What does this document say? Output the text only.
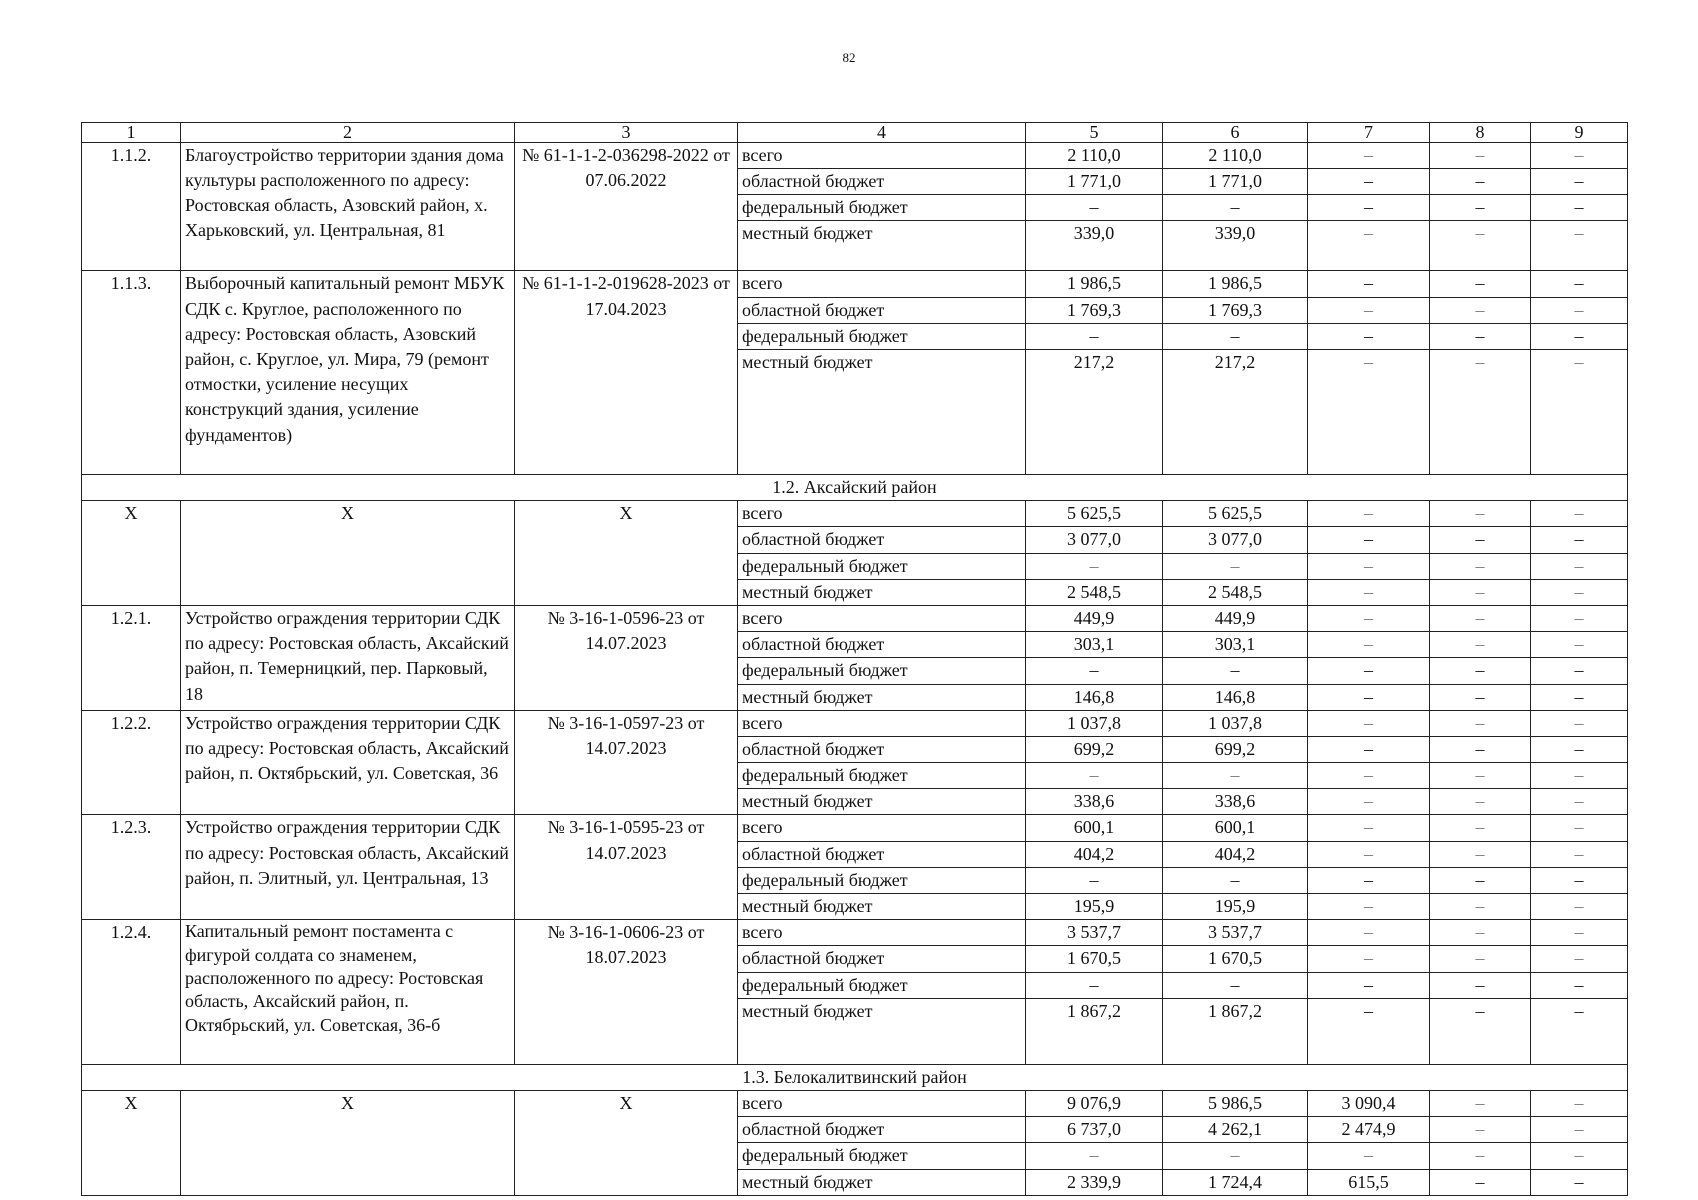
82
1	2	3	4	5	6	7	8	9
1.1.2.	Благоустройство территории здания дома культуры расположенного по адресу: Ростовская область, Азовский район, х. Харьковский, ул. Центральная, 81	№ 61-1-1-2-036298-2022 от 07.06.2022	всего	2 110,0	2 110,0	–	–	–
			областной бюджет	1 771,0	1 771,0	–	–	–
			федеральный бюджет	–	–	–	–	–
			местный бюджет	339,0	339,0	–	–	–
1.1.3.	Выборочный капитальный ремонт МБУК СДК с. Круглое, расположенного по адресу: Ростовская область, Азовский район, с. Круглое, ул. Мира, 79 (ремонт отмостки, усиление несущих конструкций здания, усиление фундаментов)	№ 61-1-1-2-019628-2023 от 17.04.2023	всего	1 986,5	1 986,5	–	–	–
			областной бюджет	1 769,3	1 769,3	–	–	–
			федеральный бюджет	–	–	–	–	–
			местный бюджет	217,2	217,2	–	–	–
1.2. Аксайский район								
Х	Х	Х	всего	5 625,5	5 625,5	–	–	–
			областной бюджет	3 077,0	3 077,0	–	–	–
			федеральный бюджет	–	–	–	–	–
			местный бюджет	2 548,5	2 548,5	–	–	–
1.2.1.	Устройство ограждения территории СДК по адресу: Ростовская область, Аксайский район, п. Темерницкий, пер. Парковый, 18	№ 3-16-1-0596-23 от 14.07.2023	всего	449,9	449,9	–	–	–
			областной бюджет	303,1	303,1	–	–	–
			федеральный бюджет	–	–	–	–	–
			местный бюджет	146,8	146,8	–	–	–
1.2.2.	Устройство ограждения территории СДК по адресу: Ростовская область, Аксайский район, п. Октябрьский, ул. Советская, 36	№ 3-16-1-0597-23 от 14.07.2023	всего	1 037,8	1 037,8	–	–	–
			областной бюджет	699,2	699,2	–	–	–
			федеральный бюджет	–	–	–	–	–
			местный бюджет	338,6	338,6	–	–	–
1.2.3.	Устройство ограждения территории СДК по адресу: Ростовская область, Аксайский район, п. Элитный, ул. Центральная, 13	№ 3-16-1-0595-23 от 14.07.2023	всего	600,1	600,1	–	–	–
			областной бюджет	404,2	404,2	–	–	–
			федеральный бюджет	–	–	–	–	–
			местный бюджет	195,9	195,9	–	–	–
1.2.4.	Капитальный ремонт постамента с фигурой солдата со знаменем, расположенного по адресу: Ростовская область, Аксайский район, п. Октябрьский, ул. Советская, 36-б	№ 3-16-1-0606-23 от 18.07.2023	всего	3 537,7	3 537,7	–	–	–
			областной бюджет	1 670,5	1 670,5	–	–	–
			федеральный бюджет	–	–	–	–	–
			местный бюджет	1 867,2	1 867,2	–	–	–
1.3. Белокалитвинский район								
Х	Х	Х	всего	9 076,9	5 986,5	3 090,4	–	–
			областной бюджет	6 737,0	4 262,1	2 474,9	–	–
			федеральный бюджет	–	–	–	–	–
			местный бюджет	2 339,9	1 724,4	615,5	–	–
